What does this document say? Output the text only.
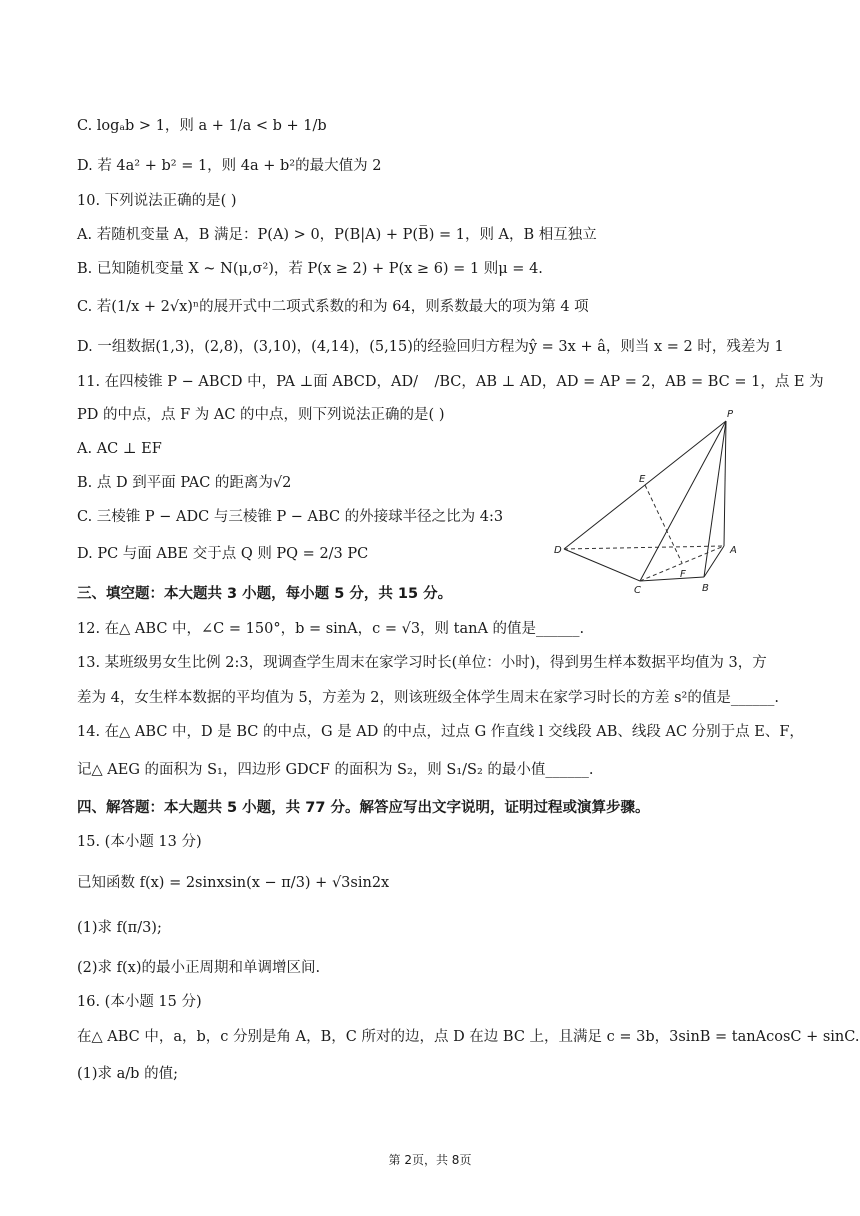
C. logₐb > 1，则 a + 1/a < b + 1/b
D. 若 4a² + b² = 1，则 4a + b²的最大值为 2
10. 下列说法正确的是( )
A. 若随机变量 A，B 满足：P(A) > 0，P(B|A) + P(B̅) = 1，则 A，B 相互独立
B. 已知随机变量 X ~ N(μ,σ²)，若 P(x ≥ 2) + P(x ≥ 6) = 1 则μ = 4.
C. 若(1/x + 2√x)ⁿ的展开式中二项式系数的和为 64，则系数最大的项为第 4 项
D. 一组数据(1,3)，(2,8)，(3,10)，(4,14)，(5,15)的经验回归方程为ŷ = 3x + â，则当 x = 2 时，残差为 1
11. 在四棱锥 P − ABCD 中，PA ⊥面 ABCD，AD/   /BC，AB ⊥ AD，AD = AP = 2，AB = BC = 1，点 E 为
PD 的中点，点 F 为 AC 的中点，则下列说法正确的是( )
A. AC ⊥ EF
B. 点 D 到平面 PAC 的距离为√2
C. 三棱锥 P − ADC 与三棱锥 P − ABC 的外接球半径之比为 4:3
D. PC 与面 ABE 交于点 Q 则 PQ = 2/3 PC
P
E
D	A
F
C	B
三、填空题：本大题共 3 小题，每小题 5 分，共 15 分。
12. 在△ ABC 中，∠C = 150°，b = sinA，c = √3，则 tanA 的值是______.
13. 某班级男女生比例 2:3，现调查学生周末在家学习时长(单位：小时)，得到男生样本数据平均值为 3，方
差为 4，女生样本数据的平均值为 5，方差为 2，则该班级全体学生周末在家学习时长的方差 s²的值是______.
14. 在△ ABC 中，D 是 BC 的中点，G 是 AD 的中点，过点 G 作直线 l 交线段 AB、线段 AC 分别于点 E、F，
记△ AEG 的面积为 S₁，四边形 GDCF 的面积为 S₂，则 S₁/S₂ 的最小值______.
四、解答题：本大题共 5 小题，共 77 分。解答应写出文字说明，证明过程或演算步骤。
15. (本小题 13 分)
已知函数 f(x) = 2sinxsin(x − π/3) + √3sin2x
(1)求 f(π/3);
(2)求 f(x)的最小正周期和单调增区间.
16. (本小题 15 分)
在△ ABC 中，a，b，c 分别是角 A，B，C 所对的边，点 D 在边 BC 上，且满足 c = 3b，3sinB = tanAcosC + sinC.
(1)求 a/b 的值;
第 2页，共 8页
